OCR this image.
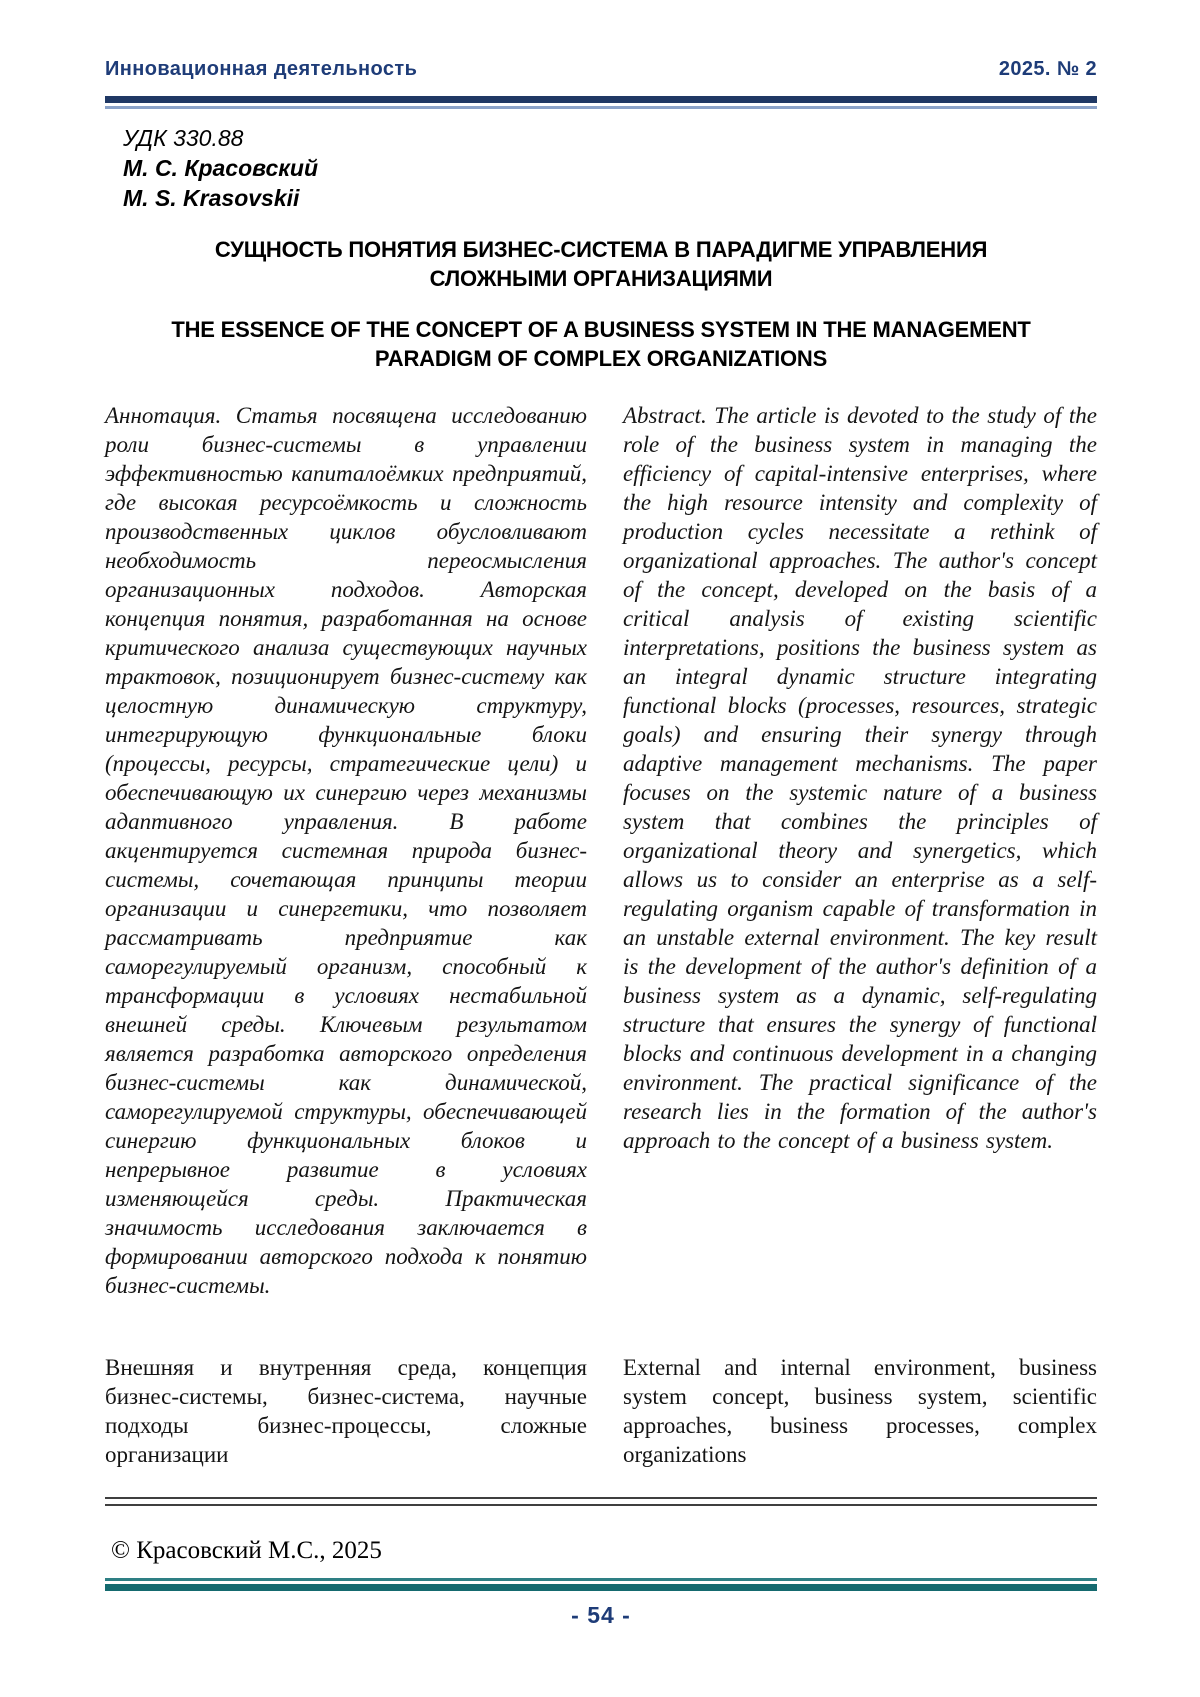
Инновационная деятельность	2025. № 2
УДК 330.88
М. С. Красовский
M. S. Krasovskii
СУЩНОСТЬ ПОНЯТИЯ БИЗНЕС-СИСТЕМА В ПАРАДИГМЕ УПРАВЛЕНИЯ СЛОЖНЫМИ ОРГАНИЗАЦИЯМИ
THE ESSENCE OF THE CONCEPT OF A BUSINESS SYSTEM IN THE MANAGEMENT PARADIGM OF COMPLEX ORGANIZATIONS
Аннотация. Статья посвящена исследованию роли бизнес-системы в управлении эффективностью капиталоёмких предприятий, где высокая ресурсоёмкость и сложность производственных циклов обусловливают необходимость переосмысления организационных подходов. Авторская концепция понятия, разработанная на основе критического анализа существующих научных трактовок, позиционирует бизнес-систему как целостную динамическую структуру, интегрирующую функциональные блоки (процессы, ресурсы, стратегические цели) и обеспечивающую их синергию через механизмы адаптивного управления. В работе акцентируется системная природа бизнес-системы, сочетающая принципы теории организации и синергетики, что позволяет рассматривать предприятие как саморегулируемый организм, способный к трансформации в условиях нестабильной внешней среды. Ключевым результатом является разработка авторского определения бизнес-системы как динамической, саморегулируемой структуры, обеспечивающей синергию функциональных блоков и непрерывное развитие в условиях изменяющейся среды. Практическая значимость исследования заключается в формировании авторского подхода к понятию бизнес-системы.
Abstract. The article is devoted to the study of the role of the business system in managing the efficiency of capital-intensive enterprises, where the high resource intensity and complexity of production cycles necessitate a rethink of organizational approaches. The author's concept of the concept, developed on the basis of a critical analysis of existing scientific interpretations, positions the business system as an integral dynamic structure integrating functional blocks (processes, resources, strategic goals) and ensuring their synergy through adaptive management mechanisms. The paper focuses on the systemic nature of a business system that combines the principles of organizational theory and synergetics, which allows us to consider an enterprise as a self-regulating organism capable of transformation in an unstable external environment. The key result is the development of the author's definition of a business system as a dynamic, self-regulating structure that ensures the synergy of functional blocks and continuous development in a changing environment. The practical significance of the research lies in the formation of the author's approach to the concept of a business system.
Внешняя и внутренняя среда, концепция бизнес-системы, бизнес-система, научные подходы бизнес-процессы, сложные организации
External and internal environment, business system concept, business system, scientific approaches, business processes, complex organizations
© Красовский М.С., 2025
- 54 -
